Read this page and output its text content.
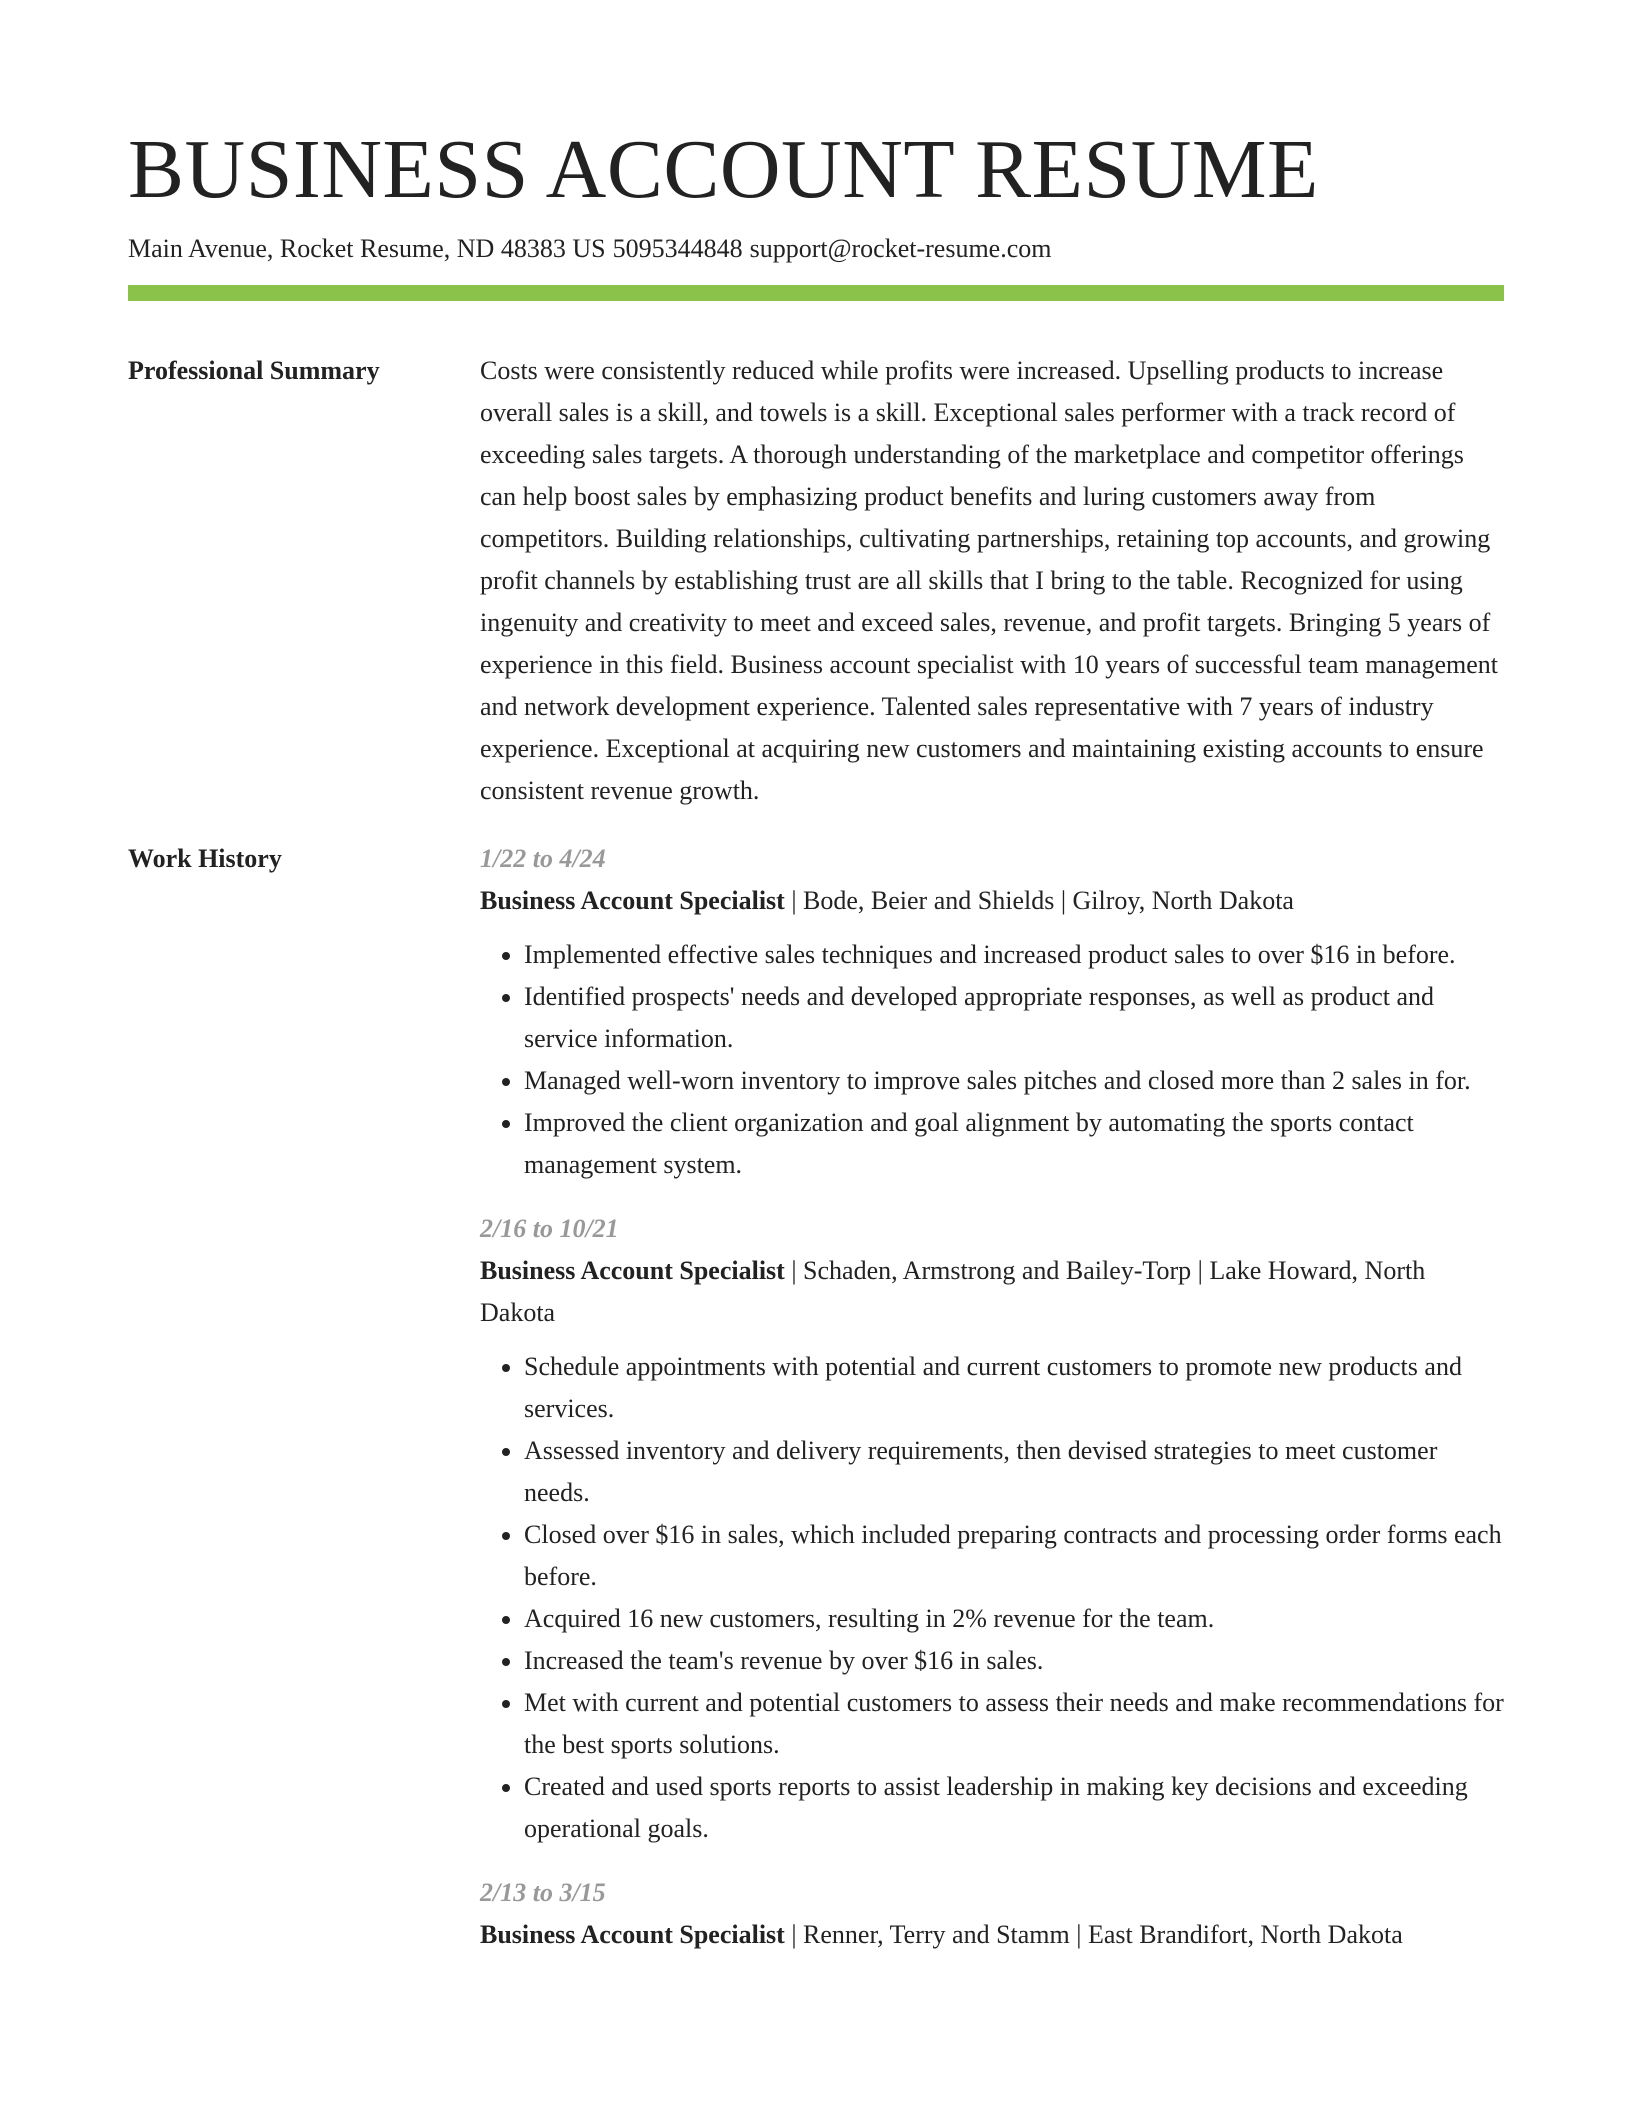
BUSINESS ACCOUNT RESUME
Main Avenue, Rocket Resume, ND 48383 US 5095344848 support@rocket-resume.com
Professional Summary	Costs were consistently reduced while profits were increased. Upselling products to increase overall sales is a skill, and towels is a skill. Exceptional sales performer with a track record of exceeding sales targets. A thorough understanding of the marketplace and competitor offerings can help boost sales by emphasizing product benefits and luring customers away from competitors. Building relationships, cultivating partnerships, retaining top accounts, and growing profit channels by establishing trust are all skills that I bring to the table. Recognized for using ingenuity and creativity to meet and exceed sales, revenue, and profit targets. Bringing 5 years of experience in this field. Business account specialist with 10 years of successful team management and network development experience. Talented sales representative with 7 years of industry experience. Exceptional at acquiring new customers and maintaining existing accounts to ensure consistent revenue growth.

Work History	1/22 to 4/24

Business Account Specialist | Bode, Beier and Shields | Gilroy, North Dakota

• Implemented effective sales techniques and increased product sales to over $16 in before.
• Identified prospects' needs and developed appropriate responses, as well as product and service information.
• Managed well-worn inventory to improve sales pitches and closed more than 2 sales in for.
• Improved the client organization and goal alignment by automating the sports contact management system.
2/16 to 10/21

Business Account Specialist | Schaden, Armstrong and Bailey-Torp | Lake Howard, North Dakota

• Schedule appointments with potential and current customers to promote new products and services.
• Assessed inventory and delivery requirements, then devised strategies to meet customer needs.
• Closed over $16 in sales, which included preparing contracts and processing order forms each before.
• Acquired 16 new customers, resulting in 2% revenue for the team.
• Increased the team's revenue by over $16 in sales.
• Met with current and potential customers to assess their needs and make recommendations for the best sports solutions.
• Created and used sports reports to assist leadership in making key decisions and exceeding operational goals.
2/13 to 3/15

Business Account Specialist | Renner, Terry and Stamm | East Brandifort, North Dakota
